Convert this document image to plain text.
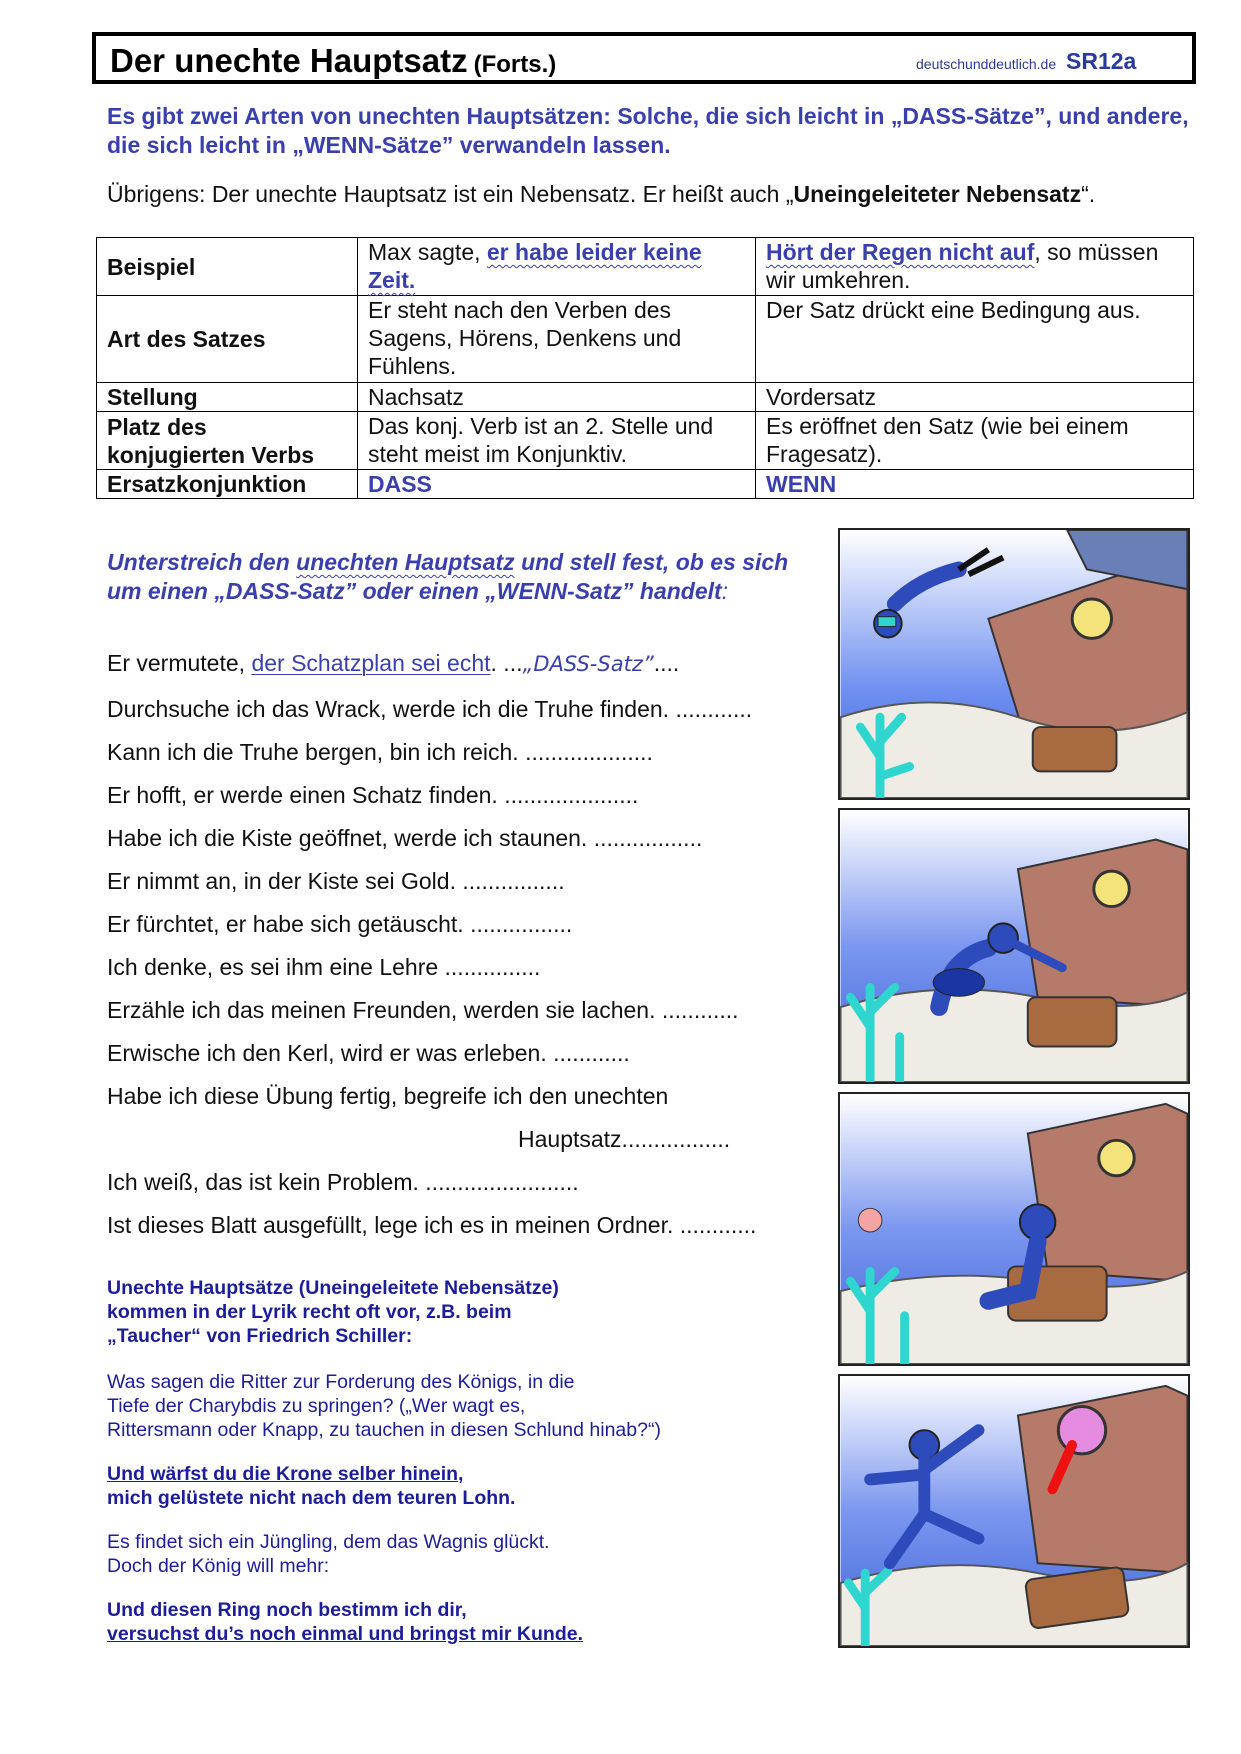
Der unechte Hauptsatz (Forts.)	deutschunddeutlich.de SR12a
Es gibt zwei Arten von unechten Hauptsätzen: Solche, die sich leicht in „DASS-Sätze”, und andere, die sich leicht in „WENN-Sätze” verwandeln lassen.
Übrigens: Der unechte Hauptsatz ist ein Nebensatz. Er heißt auch „Uneingeleiteter Nebensatz“.
Beispiel	Max sagte, er habe leider keine Zeit.	Hört der Regen nicht auf, so müssen wir umkehren.
Art des Satzes	Er steht nach den Verben des Sagens, Hörens, Denkens und Fühlens.	Der Satz drückt eine Bedingung aus.
Stellung	Nachsatz	Vordersatz
Platz des konjugierten Verbs	Das konj. Verb ist an 2. Stelle und steht meist im Konjunktiv.	Es eröffnet den Satz (wie bei einem Fragesatz).
Ersatzkonjunktion	DASS	WENN
Unterstreich den unechten Hauptsatz und stell fest, ob es sich um einen „DASS-Satz” oder einen „WENN-Satz” handelt:
Er vermutete, der Schatzplan sei echt. ...„DASS-Satz”....
Durchsuche ich das Wrack, werde ich die Truhe finden. ............
Kann ich die Truhe bergen, bin ich reich. ....................
Er hofft, er werde einen Schatz finden. .....................
Habe ich die Kiste geöffnet, werde ich staunen. .................
Er nimmt an, in der Kiste sei Gold. ................
Er fürchtet, er habe sich getäuscht. ................
Ich denke, es sei ihm eine Lehre ...............
Erzähle ich das meinen Freunden, werden sie lachen. ............
Erwische ich den Kerl, wird er was erleben. ............
Habe ich diese Übung fertig, begreife ich den unechten
Hauptsatz.................
Ich weiß, das ist kein Problem. ........................
Ist dieses Blatt ausgefüllt, lege ich es in meinen Ordner. ............
Unechte Hauptsätze (Uneingeleitete Nebensätze)
kommen in der Lyrik recht oft vor, z.B. beim
„Taucher“ von Friedrich Schiller:
Was sagen die Ritter zur Forderung des Königs, in die
Tiefe der Charybdis zu springen? („Wer wagt es,
Rittersmann oder Knapp, zu tauchen in diesen Schlund hinab?“)
Und wärfst du die Krone selber hinein,
mich gelüstete nicht nach dem teuren Lohn.
Es findet sich ein Jüngling, dem das Wagnis glückt.
Doch der König will mehr:
Und diesen Ring noch bestimm ich dir,
versuchst du’s noch einmal und bringst mir Kunde.
